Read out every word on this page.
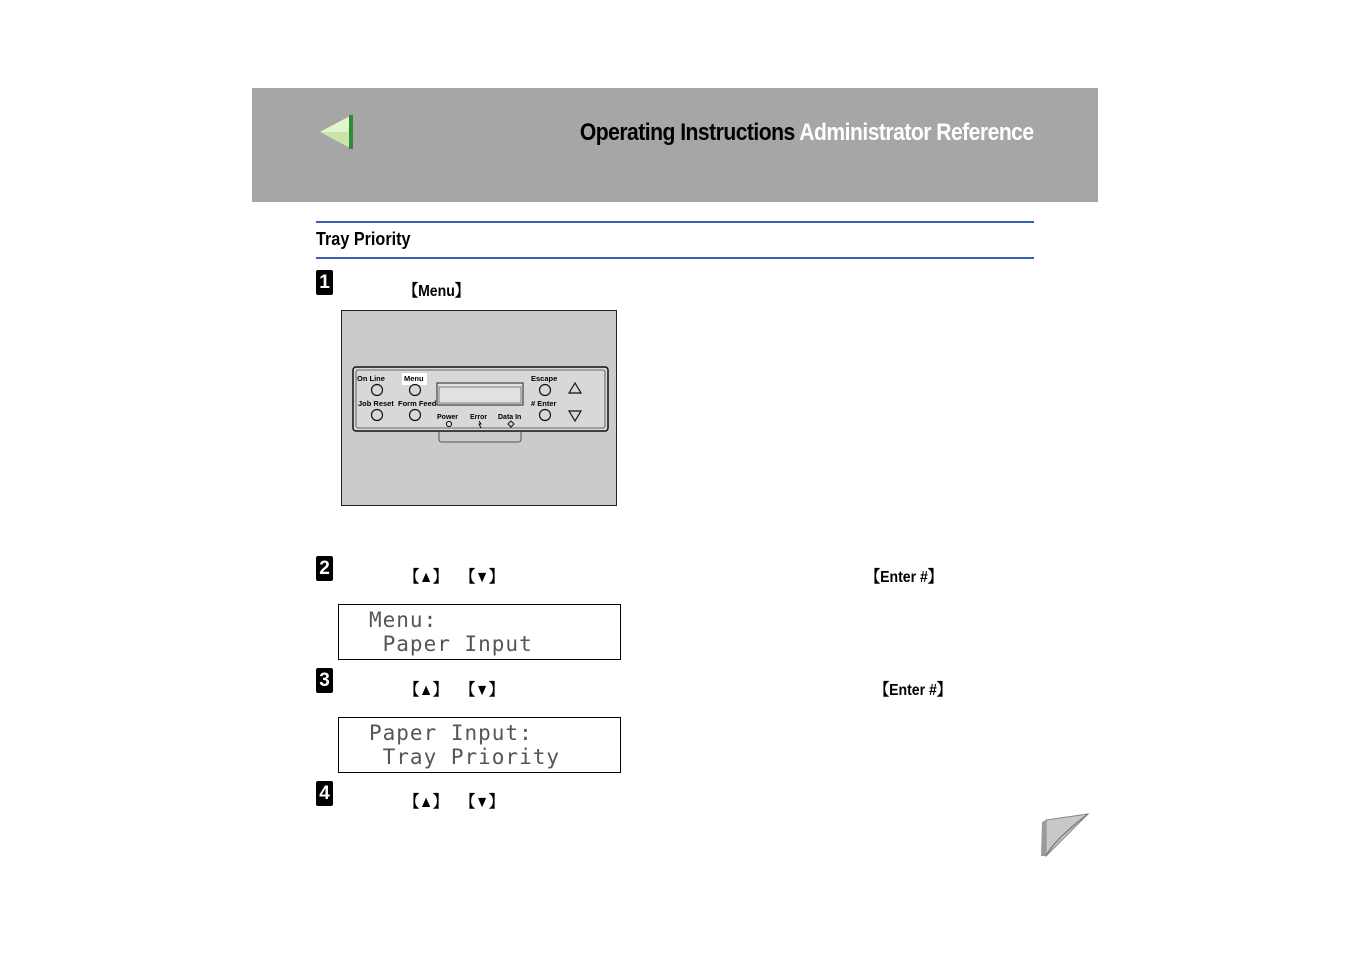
Operating Instructions Administrator Reference
Tray Priority
1	【Menu】
On Line	Menu	Escape
Job Reset Form Feed	# Enter
Power Error Data In
2	【▲】 【▼】	【Enter #】
Menu:
Paper Input
3	【▲】 【▼】	【Enter #】
Paper Input:
Tray Priority
4	【▲】 【▼】
